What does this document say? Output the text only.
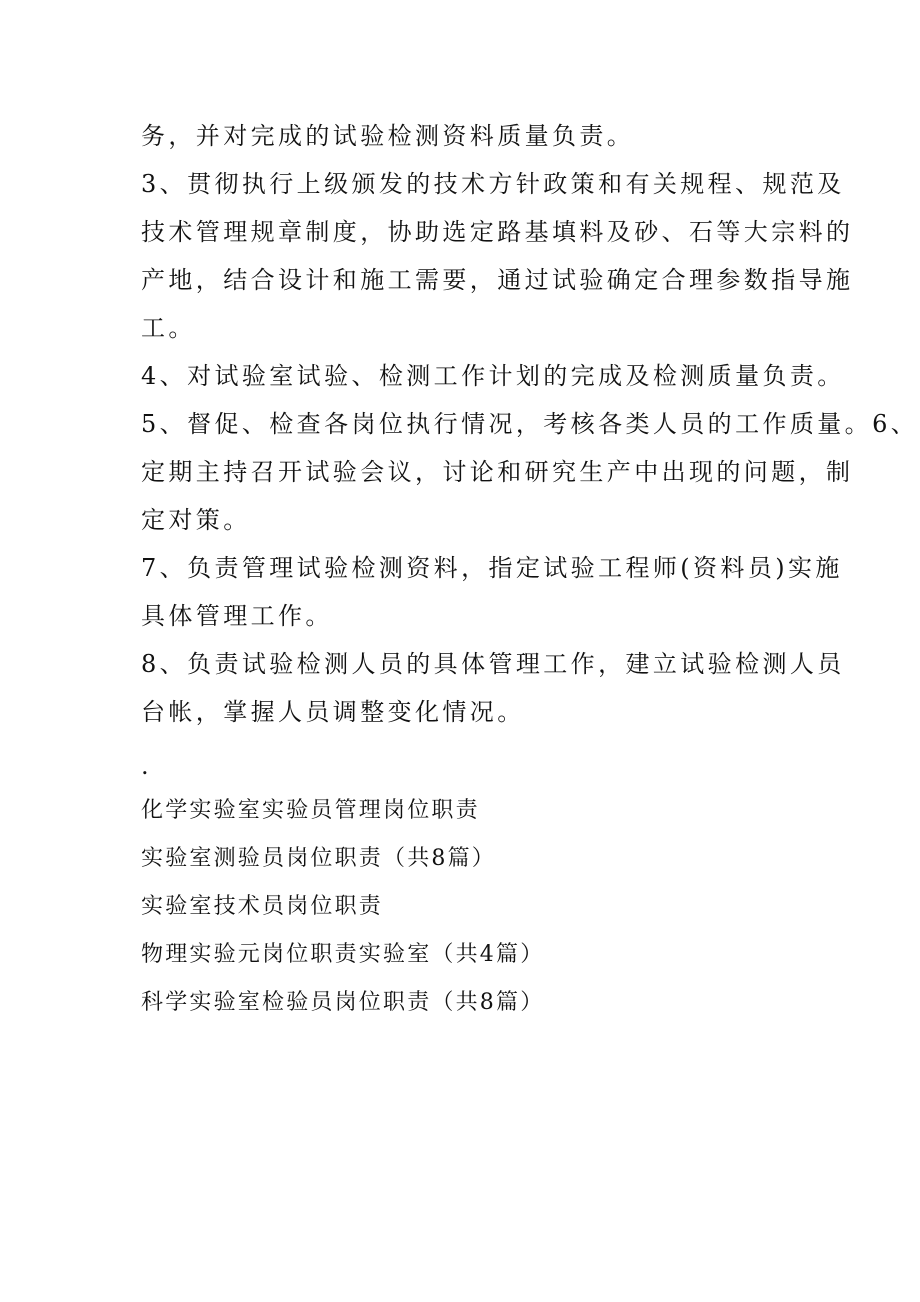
务，并对完成的试验检测资料质量负责。
3、贯彻执行上级颁发的技术方针政策和有关规程、规范及
技术管理规章制度，协助选定路基填料及砂、石等大宗料的
产地，结合设计和施工需要，通过试验确定合理参数指导施
工。
4、对试验室试验、检测工作计划的完成及检测质量负责。
5、督促、检查各岗位执行情况，考核各类人员的工作质量。6、
定期主持召开试验会议，讨论和研究生产中出现的问题，制
定对策。
7、负责管理试验检测资料，指定试验工程师(资料员)实施
具体管理工作。
8、负责试验检测人员的具体管理工作，建立试验检测人员
台帐，掌握人员调整变化情况。
.
化学实验室实验员管理岗位职责
实验室测验员岗位职责（共8篇）
实验室技术员岗位职责
物理实验元岗位职责实验室（共4篇）
科学实验室检验员岗位职责（共8篇）
